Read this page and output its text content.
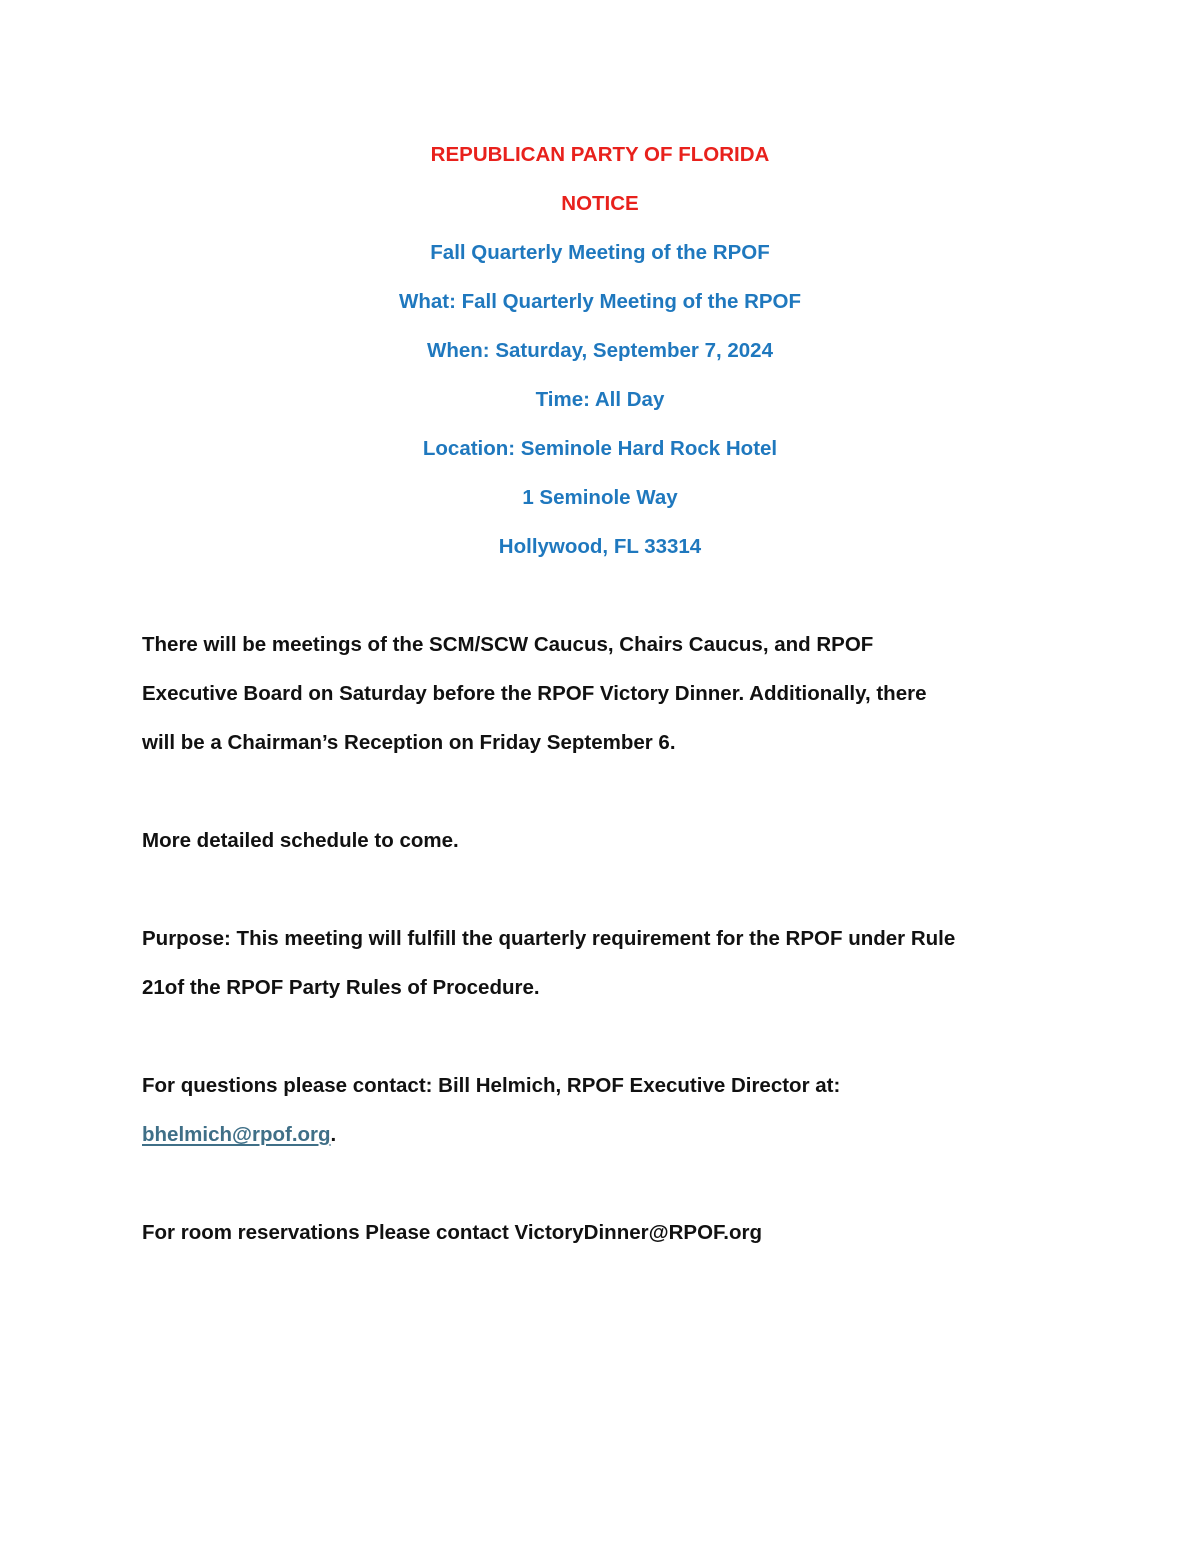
REPUBLICAN PARTY OF FLORIDA
NOTICE
Fall Quarterly Meeting of the RPOF
What: Fall Quarterly Meeting of the RPOF
When: Saturday, September 7, 2024
Time: All Day
Location: Seminole Hard Rock Hotel
1 Seminole Way
Hollywood, FL 33314
There will be meetings of the SCM/SCW Caucus, Chairs Caucus, and RPOF
Executive Board on Saturday before the RPOF Victory Dinner. Additionally, there
will be a Chairman’s Reception on Friday September 6.
More detailed schedule to come.
Purpose: This meeting will fulfill the quarterly requirement for the RPOF under Rule
21of the RPOF Party Rules of Procedure.
For questions please contact: Bill Helmich, RPOF Executive Director at:
bhelmich@rpof.org.
For room reservations Please contact VictoryDinner@RPOF.org
